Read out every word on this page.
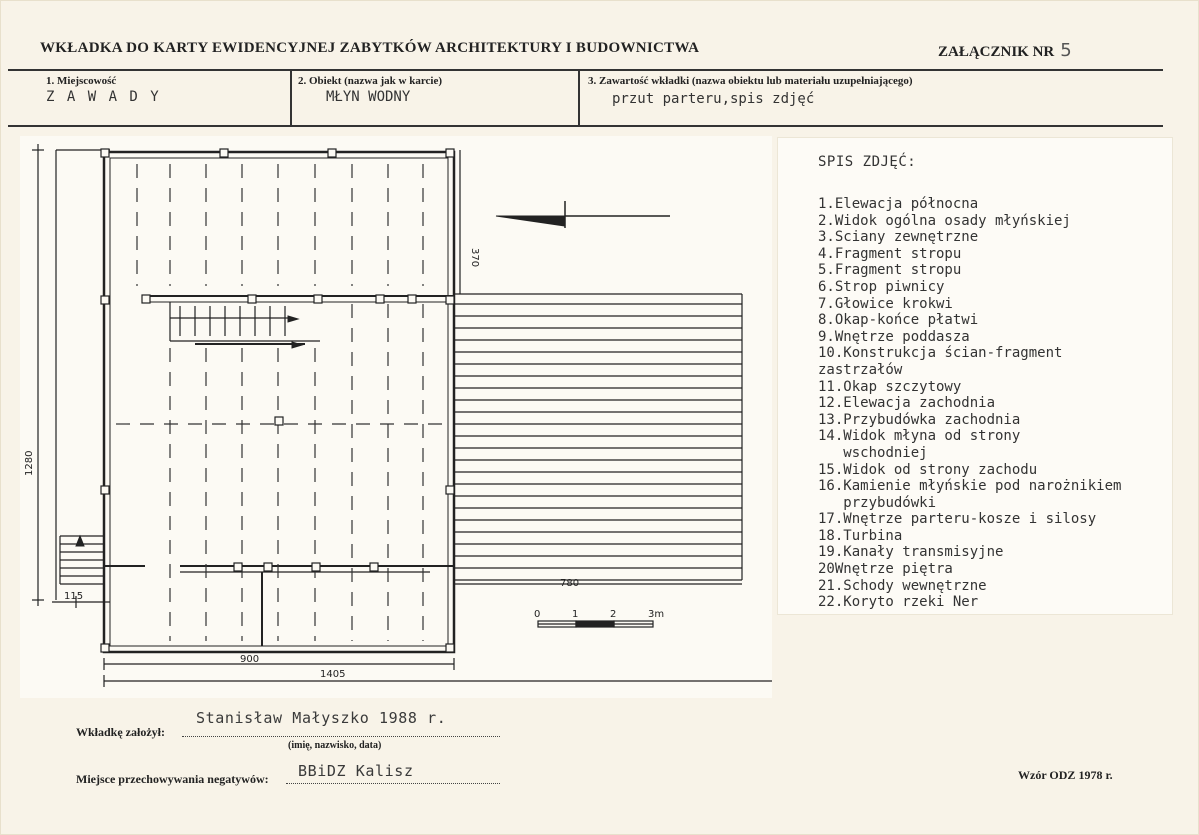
WKŁADKA DO KARTY EWIDENCYJNEJ ZABYTKÓW ARCHITEKTURY I BUDOWNICTWA	ZAŁĄCZNIK NR 5
1. Miejscowość
Z A W A D Y
2. Obiekt (nazwa jak w karcie)
MŁYN WODNY
3. Zawartość wkładki (nazwa obiektu lub materiału uzupełniającego)
przut parteru,spis zdjęć
1280
370
780
900
1405
115
0	1	2	3m
SPIS ZDJĘĆ:
1.Elewacja północna
2.Widok ogólna osady młyńskiej
3.Sciany zewnętrzne
4.Fragment stropu
5.Fragment stropu
6.Strop piwnicy
7.Głowice krokwi
8.Okap-końce płatwi
9.Wnętrze poddasza
10.Konstrukcja ścian-fragment
zastrzałów
11.Okap szczytowy
12.Elewacja zachodnia
13.Przybudówka zachodnia
14.Widok młyna od strony
wschodniej
15.Widok od strony zachodu
16.Kamienie młyńskie pod narożnikiem
przybudówki
17.Wnętrze parteru-kosze i silosy
18.Turbina
19.Kanały transmisyjne
20Wnętrze piętra
21.Schody wewnętrzne
22.Koryto rzeki Ner
Wkładkę założył:
Stanisław Małyszko 1988 r.
(imię, nazwisko, data)
Miejsce przechowywania negatywów: BBiDZ Kalisz	Wzór ODZ 1978 r.
